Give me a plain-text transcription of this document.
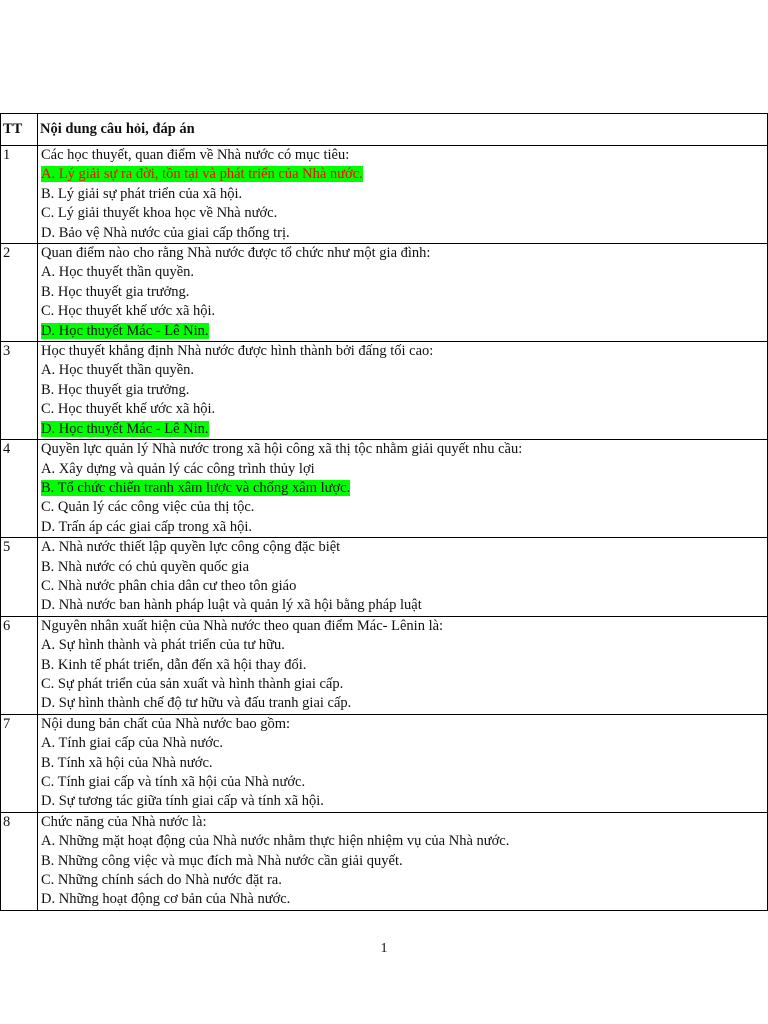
TT	Nội dung câu hỏi, đáp án
1	Các học thuyết, quan điểm về Nhà nước có mục tiêu:
A. Lý giải sự ra đời, tồn tại và phát triển của Nhà nước.
B. Lý giải sự phát triển của xã hội.
C. Lý giải thuyết khoa học về Nhà nước.
D. Bảo vệ Nhà nước của giai cấp thống trị.

2	Quan điểm nào cho rằng Nhà nước được tổ chức như một gia đình:
A. Học thuyết thần quyền.
B. Học thuyết gia trưởng.
C. Học thuyết khế ước xã hội.
D. Học thuyết Mác - Lê Nin.

3	Học thuyết khẳng định Nhà nước được hình thành bởi đấng tối cao:
A. Học thuyết thần quyền.
B. Học thuyết gia trưởng.
C. Học thuyết khế ước xã hội.
D. Học thuyết Mác - Lê Nin.

4	Quyền lực quản lý Nhà nước trong xã hội công xã thị tộc nhằm giải quyết nhu cầu:
A. Xây dựng và quản lý các công trình thủy lợi
B. Tổ chức chiến tranh xâm lược và chống xâm lược.
C. Quản lý các công việc của thị tộc.
D. Trấn áp các giai cấp trong xã hội.

5	A. Nhà nước thiết lập quyền lực công cộng đặc biệt
B. Nhà nước có chủ quyền quốc gia
C. Nhà nước phân chia dân cư theo tôn giáo
D. Nhà nước ban hành pháp luật và quản lý xã hội bằng pháp luật

6	Nguyên nhân xuất hiện của Nhà nước theo quan điểm Mác- Lênin là:
A. Sự hình thành và phát triển của tư hữu.
B. Kinh tế phát triển, dẫn đến xã hội thay đổi.
C. Sự phát triển của sản xuất và hình thành giai cấp.
D. Sự hình thành chế độ tư hữu và đấu tranh giai cấp.

7	Nội dung bản chất của Nhà nước bao gồm:
A. Tính giai cấp của Nhà nước.
B. Tính xã hội của Nhà nước.
C. Tính giai cấp và tính xã hội của Nhà nước.
D. Sự tương tác giữa tính giai cấp và tính xã hội.

8	Chức năng của Nhà nước là:
A. Những mặt hoạt động của Nhà nước nhằm thực hiện nhiệm vụ của Nhà nước.
B. Những công việc và mục đích mà Nhà nước cần giải quyết.
C. Những chính sách do Nhà nước đặt ra.
D. Những hoạt động cơ bản của Nhà nước.
1
